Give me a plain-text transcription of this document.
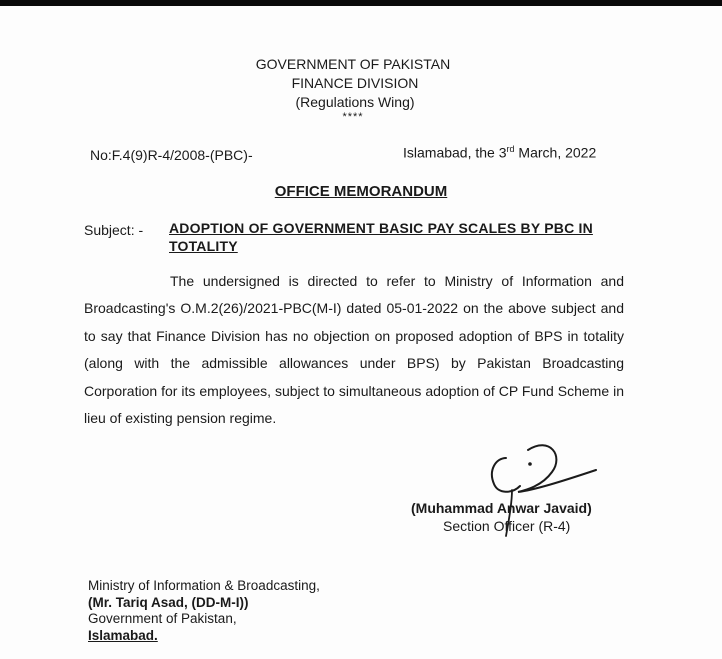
GOVERNMENT OF PAKISTAN
FINANCE DIVISION
(Regulations Wing)
****
No:F.4(9)R-4/2008-(PBC)-	Islamabad, the 3rd March, 2022
OFFICE MEMORANDUM
Subject: - ADOPTION OF GOVERNMENT BASIC PAY SCALES BY PBC IN TOTALITY
The undersigned is directed to refer to Ministry of Information and Broadcasting's O.M.2(26)/2021-PBC(M-I) dated 05-01-2022 on the above subject and to say that Finance Division has no objection on proposed adoption of BPS in totality (along with the admissible allowances under BPS) by Pakistan Broadcasting Corporation for its employees, subject to simultaneous adoption of CP Fund Scheme in lieu of existing pension regime.
(Muhammad Anwar Javaid)
Section Officer (R-4)
Ministry of Information & Broadcasting,
(Mr. Tariq Asad, (DD-M-I))
Government of Pakistan,
Islamabad.
